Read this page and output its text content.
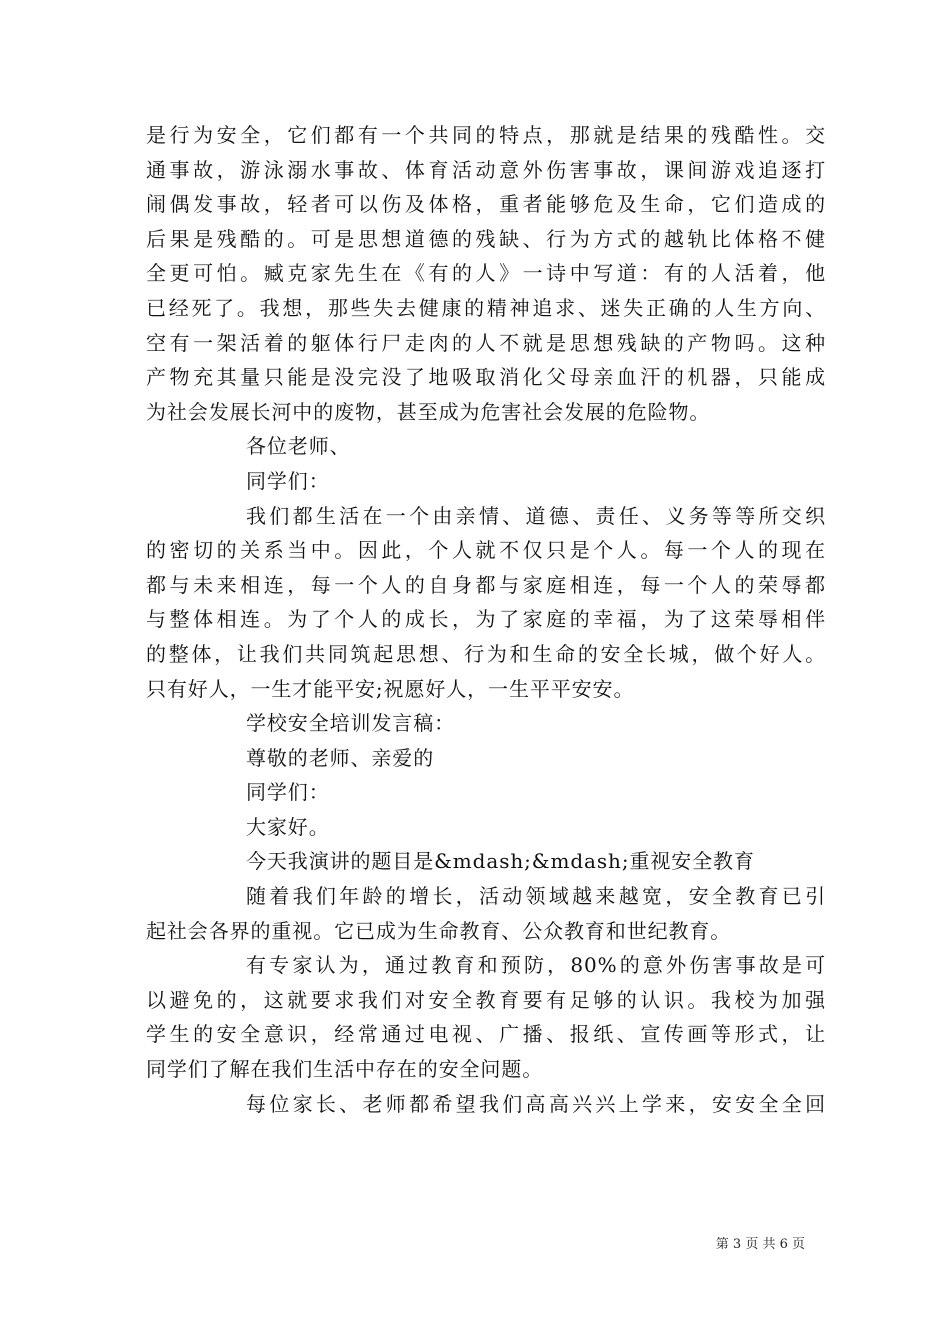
是行为安全，它们都有一个共同的特点，那就是结果的残酷性。交
通事故，游泳溺水事故、体育活动意外伤害事故，课间游戏追逐打
闹偶发事故，轻者可以伤及体格，重者能够危及生命，它们造成的
后果是残酷的。可是思想道德的残缺、行为方式的越轨比体格不健
全更可怕。臧克家先生在《有的人》一诗中写道：有的人活着，他
已经死了。我想，那些失去健康的精神追求、迷失正确的人生方向、
空有一架活着的躯体行尸走肉的人不就是思想残缺的产物吗。这种
产物充其量只能是没完没了地吸取消化父母亲血汗的机器，只能成
为社会发展长河中的废物，甚至成为危害社会发展的危险物。
各位老师、
同学们：
我们都生活在一个由亲情、道德、责任、义务等等所交织
的密切的关系当中。因此，个人就不仅只是个人。每一个人的现在
都与未来相连，每一个人的自身都与家庭相连，每一个人的荣辱都
与整体相连。为了个人的成长，为了家庭的幸福，为了这荣辱相伴
的整体，让我们共同筑起思想、行为和生命的安全长城，做个好人。
只有好人，一生才能平安;祝愿好人，一生平平安安。
学校安全培训发言稿：
尊敬的老师、亲爱的
同学们：
大家好。
今天我演讲的题目是&mdash;&mdash;重视安全教育
随着我们年龄的增长，活动领域越来越宽，安全教育已引
起社会各界的重视。它已成为生命教育、公众教育和世纪教育。
有专家认为，通过教育和预防，80%的意外伤害事故是可
以避免的，这就要求我们对安全教育要有足够的认识。我校为加强
学生的安全意识，经常通过电视、广播、报纸、宣传画等形式，让
同学们了解在我们生活中存在的安全问题。
每位家长、老师都希望我们高高兴兴上学来，安安全全回
第 3 页 共 6 页
